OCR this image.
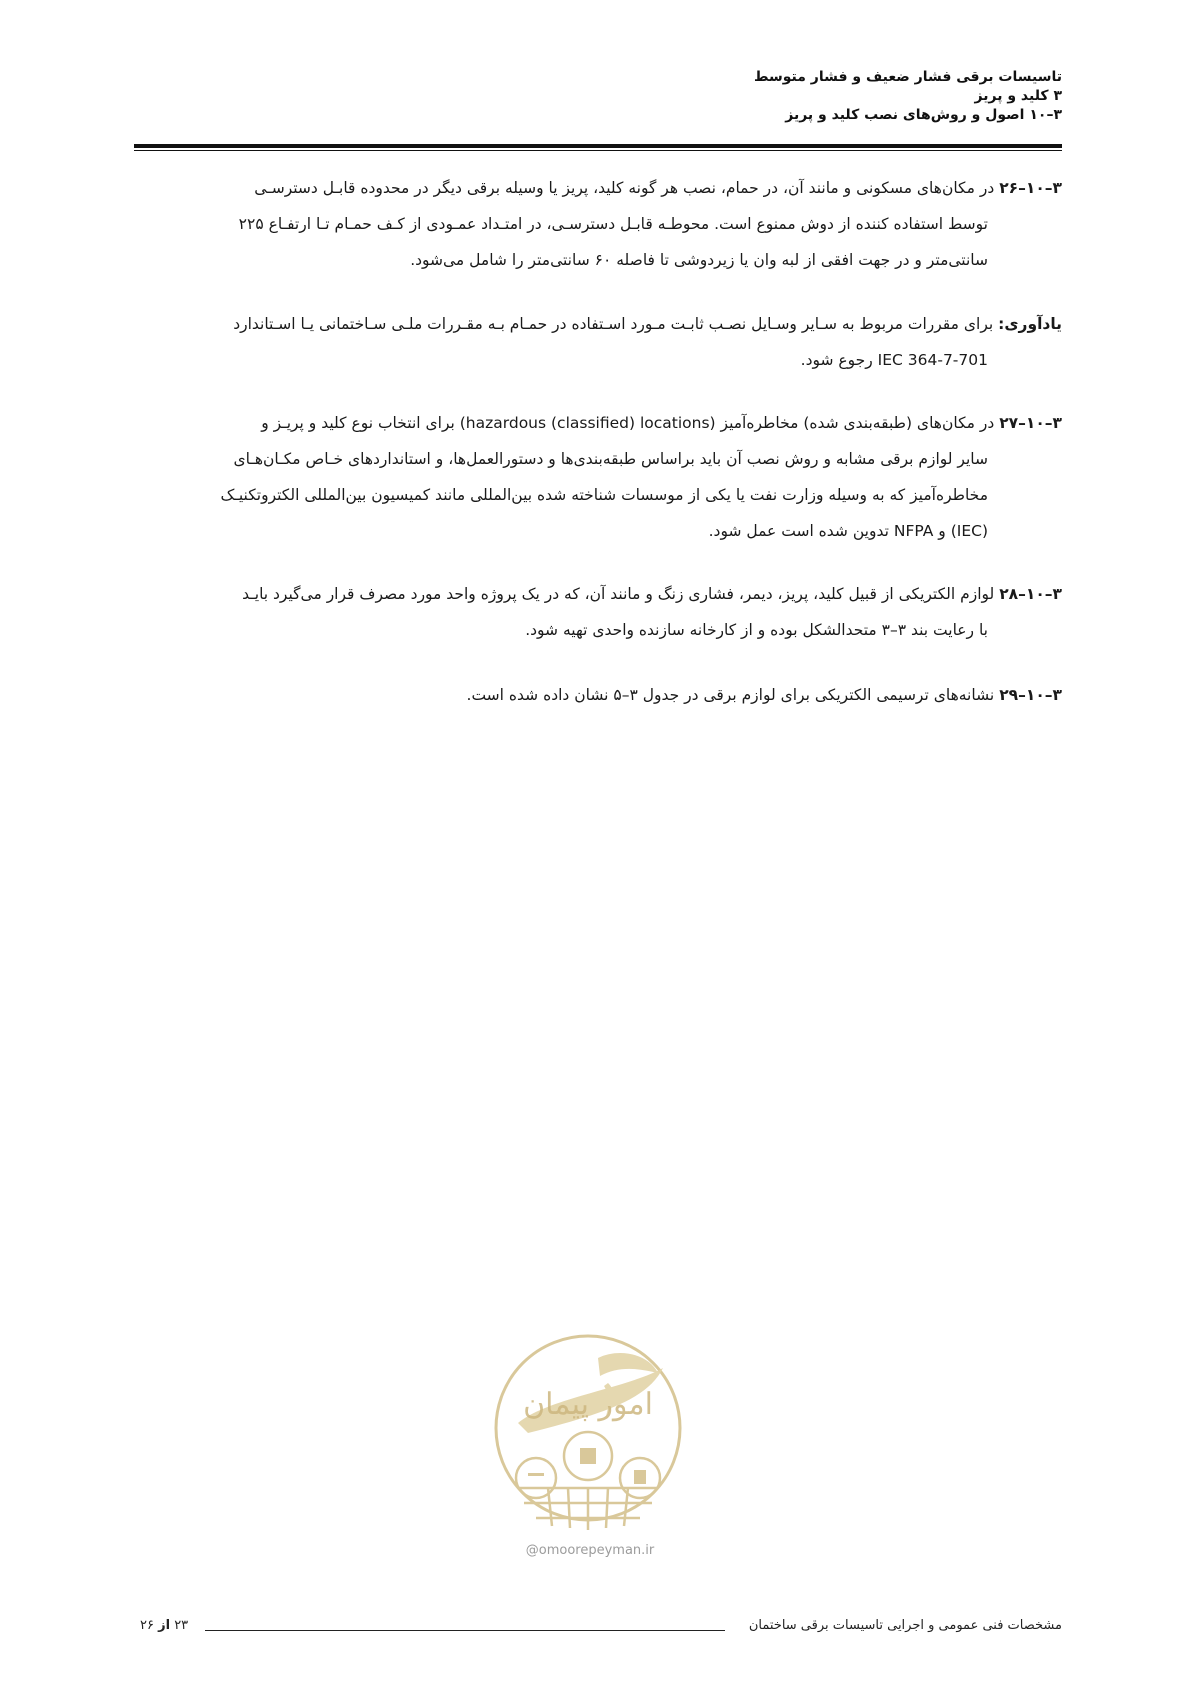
تاسیسات برقی فشار ضعیف و فشار متوسط
۳ کلید و پریز
۳–۱۰ اصول و روش‌های نصب کلید و پریز
۳–۱۰–۲۶ در مکان‌های مسکونی و مانند آن، در حمام، نصب هر گونه کلید، پریز یا وسیله برقی دیگر در محدوده قابـل دسترسـی
توسط استفاده کننده از دوش ممنوع است. محوطـه قابـل دسترسـی، در امتـداد عمـودی از کـف حمـام تـا ارتفـاع ۲۲۵
سانتی‌متر و در جهت افقی از لبه وان یا زیردوشی تا فاصله ۶۰ سانتی‌متر را شامل می‌شود.
یادآوری: برای مقررات مربوط به سـایر وسـایل نصـب ثابـت مـورد اسـتفاده در حمـام بـه مقـررات ملـی سـاختمانی یـا اسـتاندارد
IEC 364-7-701 رجوع شود.
۳–۱۰–۲۷ در مکان‌های (طبقه‌بندی شده) مخاطره‌آمیز (hazardous (classified) locations) برای انتخاب نوع کلید و پریـز و
سایر لوازم برقی مشابه و روش نصب آن باید براساس طبقه‌بندی‌ها و دستورالعمل‌ها، و استانداردهای خـاص مکـان‌هـای
مخاطره‌آمیز که به وسیله وزارت نفت یا یکی از موسسات شناخته شده بین‌المللی مانند کمیسیون بین‌المللی الکتروتکنیـک
(IEC) و NFPA تدوین شده است عمل شود.
۳–۱۰–۲۸ لوازم الکتریکی از قبیل کلید، پریز، دیمر، فشاری زنگ و مانند آن، که در یک پروژه واحد مورد مصرف قرار می‌گیرد بایـد
با رعایت بند ۳–۳ متحدالشکل بوده و از کارخانه سازنده واحدی تهیه شود.
۳–۱۰–۲۹ نشانه‌های ترسیمی الکتریکی برای لوازم برقی در جدول ۳–۵ نشان داده شده است.
امور پیمان
@omoorepeyman.ir
مشخصات فنی عمومی و اجرایی تاسیسات برقی ساختمان
۲۳ از ۲۶
